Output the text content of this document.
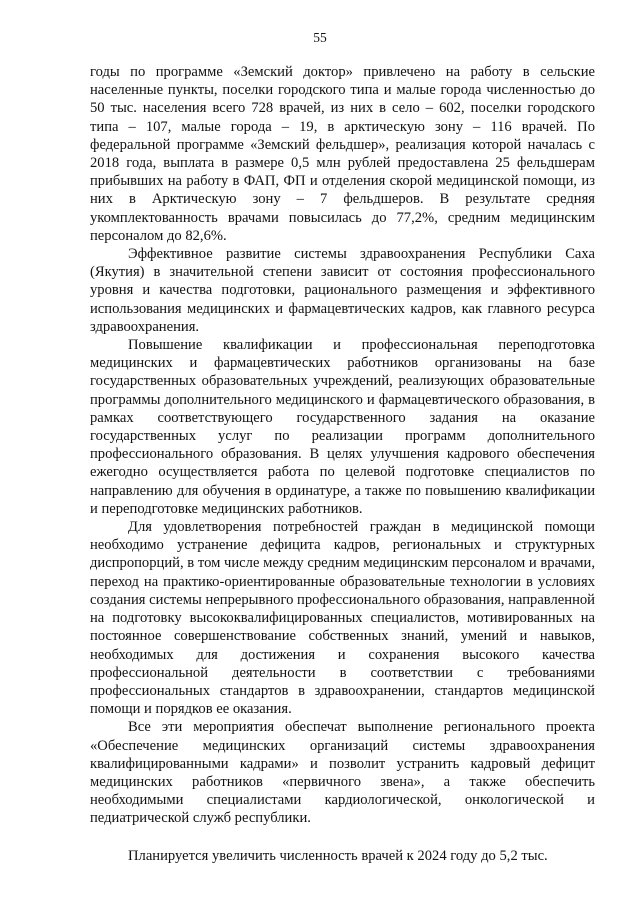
55

годы по программе «Земский доктор» привлечено на работу в сельские населенные пункты, поселки городского типа и малые города численностью до 50 тыс. населения всего 728 врачей, из них в село – 602, поселки городского типа – 107, малые города – 19, в арктическую зону – 116 врачей. По федеральной программе «Земский фельдшер», реализация которой началась с 2018 года, выплата в размере 0,5 млн рублей предоставлена 25 фельдшерам прибывших на работу в ФАП, ФП и отделения скорой медицинской помощи, из них в Арктическую зону – 7 фельдшеров. В результате средняя укомплектованность врачами повысилась до 77,2%, средним медицинским персоналом до 82,6%.

Эффективное развитие системы здравоохранения Республики Саха (Якутия) в значительной степени зависит от состояния профессионального уровня и качества подготовки, рационального размещения и эффективного использования медицинских и фармацевтических кадров, как главного ресурса здравоохранения.

Повышение квалификации и профессиональная переподготовка медицинских и фармацевтических работников организованы на базе государственных образовательных учреждений, реализующих образовательные программы дополнительного медицинского и фармацевтического образования, в рамках соответствующего государственного задания на оказание государственных услуг по реализации программ дополнительного профессионального образования. В целях улучшения кадрового обеспечения ежегодно осуществляется работа по целевой подготовке специалистов по направлению для обучения в ординатуре, а также по повышению квалификации и переподготовке медицинских работников.

Для удовлетворения потребностей граждан в медицинской помощи необходимо устранение дефицита кадров, региональных и структурных диспропорций, в том числе между средним медицинским персоналом и врачами, переход на практико-ориентированные образовательные технологии в условиях создания системы непрерывного профессионального образования, направленной на подготовку высококвалифицированных специалистов, мотивированных на постоянное совершенствование собственных знаний, умений и навыков, необходимых для достижения и сохранения высокого качества профессиональной деятельности в соответствии с требованиями профессиональных стандартов в здравоохранении, стандартов медицинской помощи и порядков ее оказания.

Все эти мероприятия обеспечат выполнение регионального проекта «Обеспечение медицинских организаций системы здравоохранения квалифицированными кадрами» и позволит устранить кадровый дефицит медицинских работников «первичного звена», а также обеспечить необходимыми специалистами кардиологической, онкологической и педиатрической служб республики.

Планируется увеличить численность врачей к 2024 году до 5,2 тыс.
